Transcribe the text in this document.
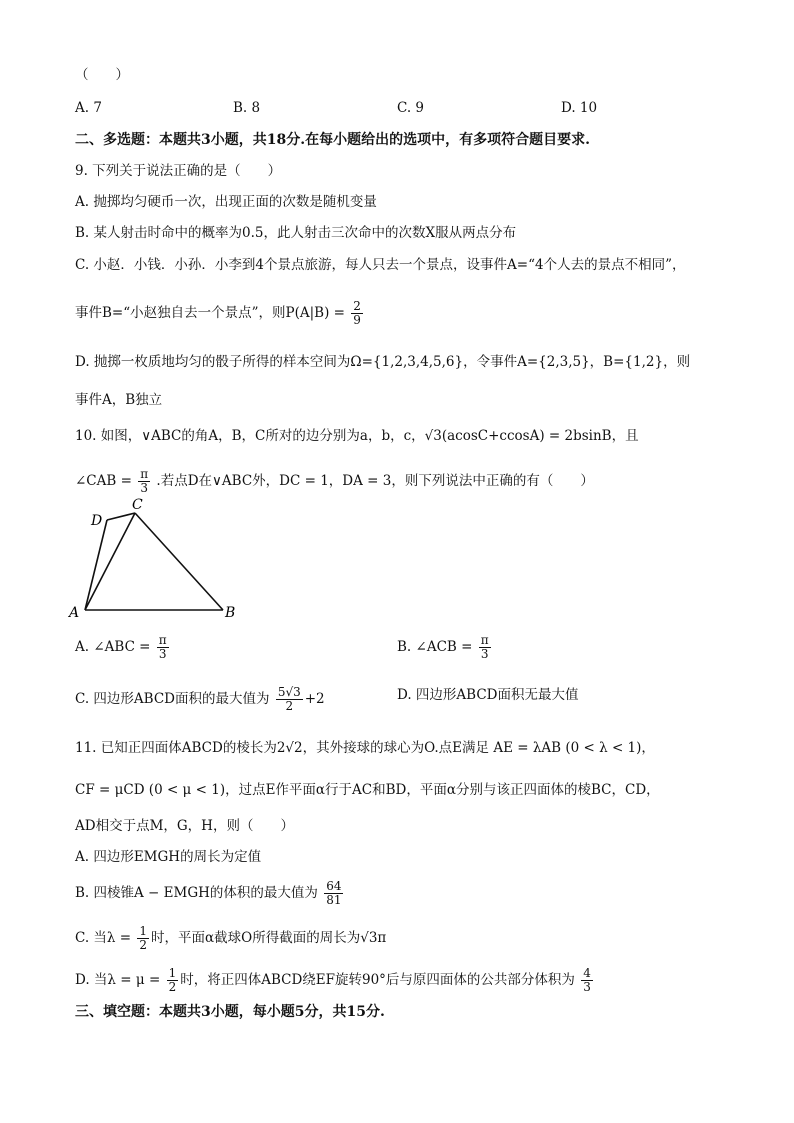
（　　）
A. 7	B. 8	C. 9	D. 10
二、多选题：本题共3小题，共18分.在每小题给出的选项中，有多项符合题目要求.
9. 下列关于说法正确的是（　　）
A. 抛掷均匀硬币一次，出现正面的次数是随机变量
B. 某人射击时命中的概率为0.5，此人射击三次命中的次数X服从两点分布
C. 小赵．小钱．小孙．小李到4个景点旅游，每人只去一个景点，设事件A=“4个人去的景点不相同”，
事件B=“小赵独自去一个景点”，则$P(A|B) = \frac{2}{9}$
D. 抛掷一枚质地均匀的骰子所得的样本空间为Ω={1,2,3,4,5,6}，令事件A={2,3,5}，B={1,2}，则
事件A，B独立
10. 如图，∨ABC的角A，B，C所对的边分别为a，b，c，√3(acosC+ccosA) = 2bsinB，且
∠CAB = $\frac{\pi}{3}$ .若点D在∨ABC外，DC = 1，DA = 3，则下列说法中正确的有（　　）
A	B
C
D
A. ∠ABC = $\frac{\pi}{3}$	B. ∠ACB = $\frac{\pi}{3}$
C. 四边形ABCD面积的最大值为 $\frac{5√3}{2} +2$	D. 四边形ABCD面积无最大值
11. 已知正四面体ABCD的棱长为2√2，其外接球的球心为O.点E满足 AE = λAB (0 < λ < 1)，
CF = μCD (0 < μ < 1)，过点E作平面α行于AC和BD，平面α分别与该正四面体的棱BC，CD，
AD相交于点M，G，H，则（　　）
A. 四边形EMGH的周长为定值
B. 四棱锥A − EMGH的体积的最大值为 $\frac{64}{81}$
C. 当$\lambda = \frac{1}{2}$ 时，平面α截球O所得截面的周长为√3π
D. 当$\lambda = \mu = \frac{1}{2}$ 时，将正四体ABCD绕EF旋转90°后与原四面体的公共部分体积为 $\frac{4}{3}$
三、填空题：本题共3小题，每小题5分，共15分.
